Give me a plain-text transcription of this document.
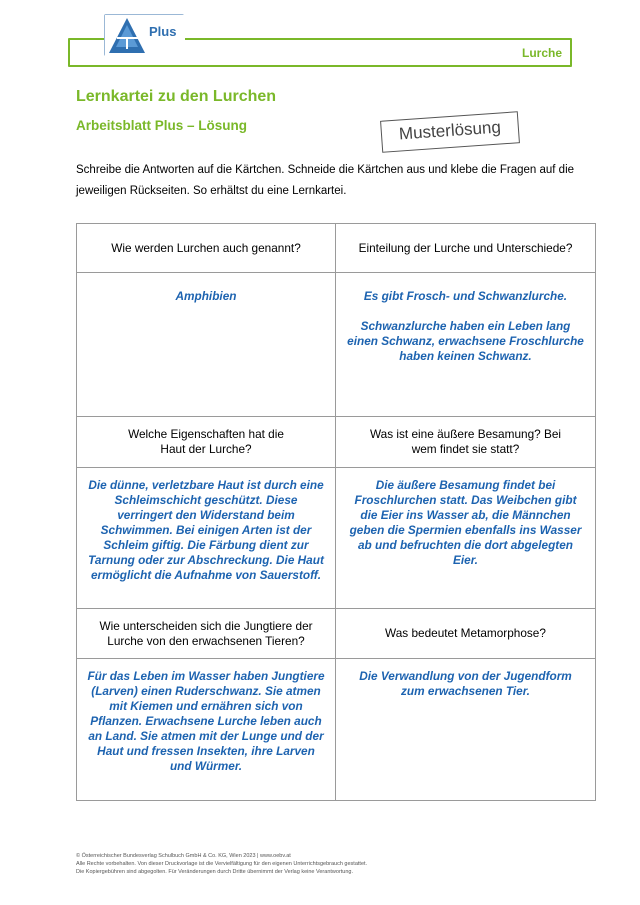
Lurche
Plus
Lernkartei zu den Lurchen
Arbeitsblatt Plus – Lösung	Musterlösung
Schreibe die Antworten auf die Kärtchen. Schneide die Kärtchen aus und klebe die Fragen auf die jeweiligen Rückseiten. So erhältst du eine Lernkartei.
Wie werden Lurchen auch genannt?	Einteilung der Lurche und Unterschiede?
Amphibien	Es gibt Frosch- und Schwanzlurche.
Schwanzlurche haben ein Leben lang einen Schwanz, erwachsene Froschlurche haben keinen Schwanz.

Welche Eigenschaften hat die Haut der Lurche?	Was ist eine äußere Besamung? Bei wem findet sie statt?

Die dünne, verletzbare Haut ist durch eine Schleimschicht geschützt. Diese verringert den Widerstand beim Schwimmen. Bei einigen Arten ist der Schleim giftig. Die Färbung dient zur Tarnung oder zur Abschreckung. Die Haut ermöglicht die Aufnahme von Sauerstoff.	Die äußere Besamung findet bei Froschlurchen statt. Das Weibchen gibt die Eier ins Wasser ab, die Männchen geben die Spermien ebenfalls ins Wasser ab und befruchten die dort abgelegten Eier.
Wie unterscheiden sich die Jungtiere der Lurche von den erwachsenen Tieren?	Was bedeutet Metamorphose?
Für das Leben im Wasser haben Jungtiere (Larven) einen Ruderschwanz. Sie atmen mit Kiemen und ernähren sich von Pflanzen. Erwachsene Lurche leben auch an Land. Sie atmen mit der Lunge und der Haut und fressen Insekten, ihre Larven und Würmer.	Die Verwandlung von der Jugendform zum erwachsenen Tier.
© Österreichischer Bundesverlag Schulbuch GmbH & Co. KG, Wien 2023 | www.oebv.at
Alle Rechte vorbehalten. Von dieser Druckvorlage ist die Vervielfältigung für den eigenen Unterrichtsgebrauch gestattet.
Die Kopiergebühren sind abgegolten. Für Veränderungen durch Dritte übernimmt der Verlag keine Verantwortung.
